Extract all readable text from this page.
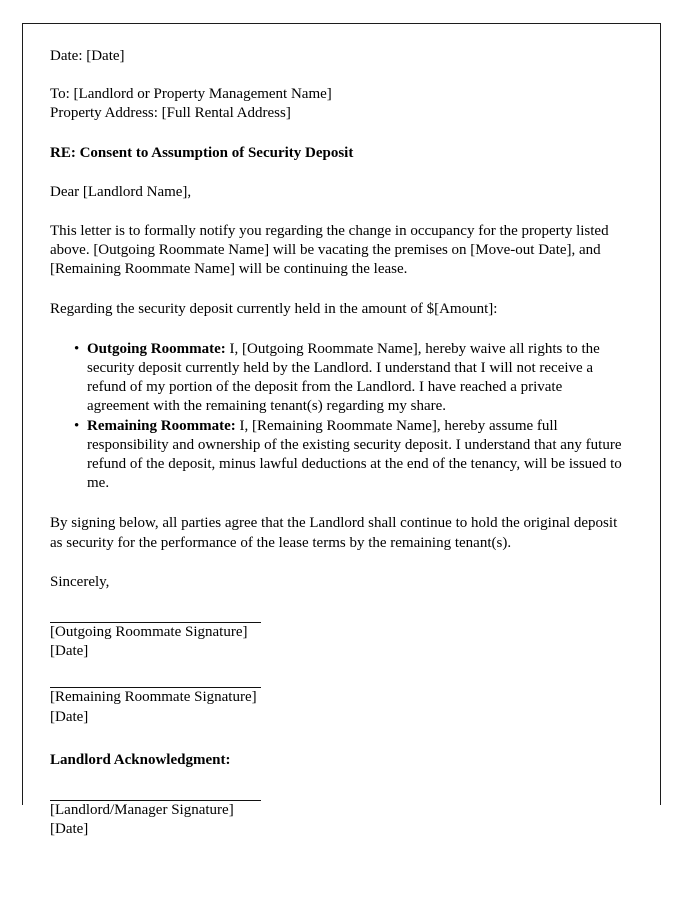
Date: [Date]

To: [Landlord or Property Management Name]

Property Address: [Full Rental Address]

RE: Consent to Assumption of Security Deposit

Dear [Landlord Name],

This letter is to formally notify you regarding the change in occupancy for the property listed above. [Outgoing Roommate Name] will be vacating the premises on [Move-out Date], and [Remaining Roommate Name] will be continuing the lease.

Regarding the security deposit currently held in the amount of $[Amount]:

• Outgoing Roommate: I, [Outgoing Roommate Name], hereby waive all rights to the security deposit currently held by the Landlord. I understand that I will not receive a refund of my portion of the deposit from the Landlord. I have reached a private agreement with the remaining tenant(s) regarding my share.
• Remaining Roommate: I, [Remaining Roommate Name], hereby assume full responsibility and ownership of the existing security deposit. I understand that any future refund of the deposit, minus lawful deductions at the end of the tenancy, will be issued to me.

By signing below, all parties agree that the Landlord shall continue to hold the original deposit as security for the performance of the lease terms by the remaining tenant(s).

Sincerely,

[Outgoing Roommate Signature]

[Date]

[Remaining Roommate Signature]

[Date]

Landlord Acknowledgment:

[Landlord/Manager Signature]

[Date]
